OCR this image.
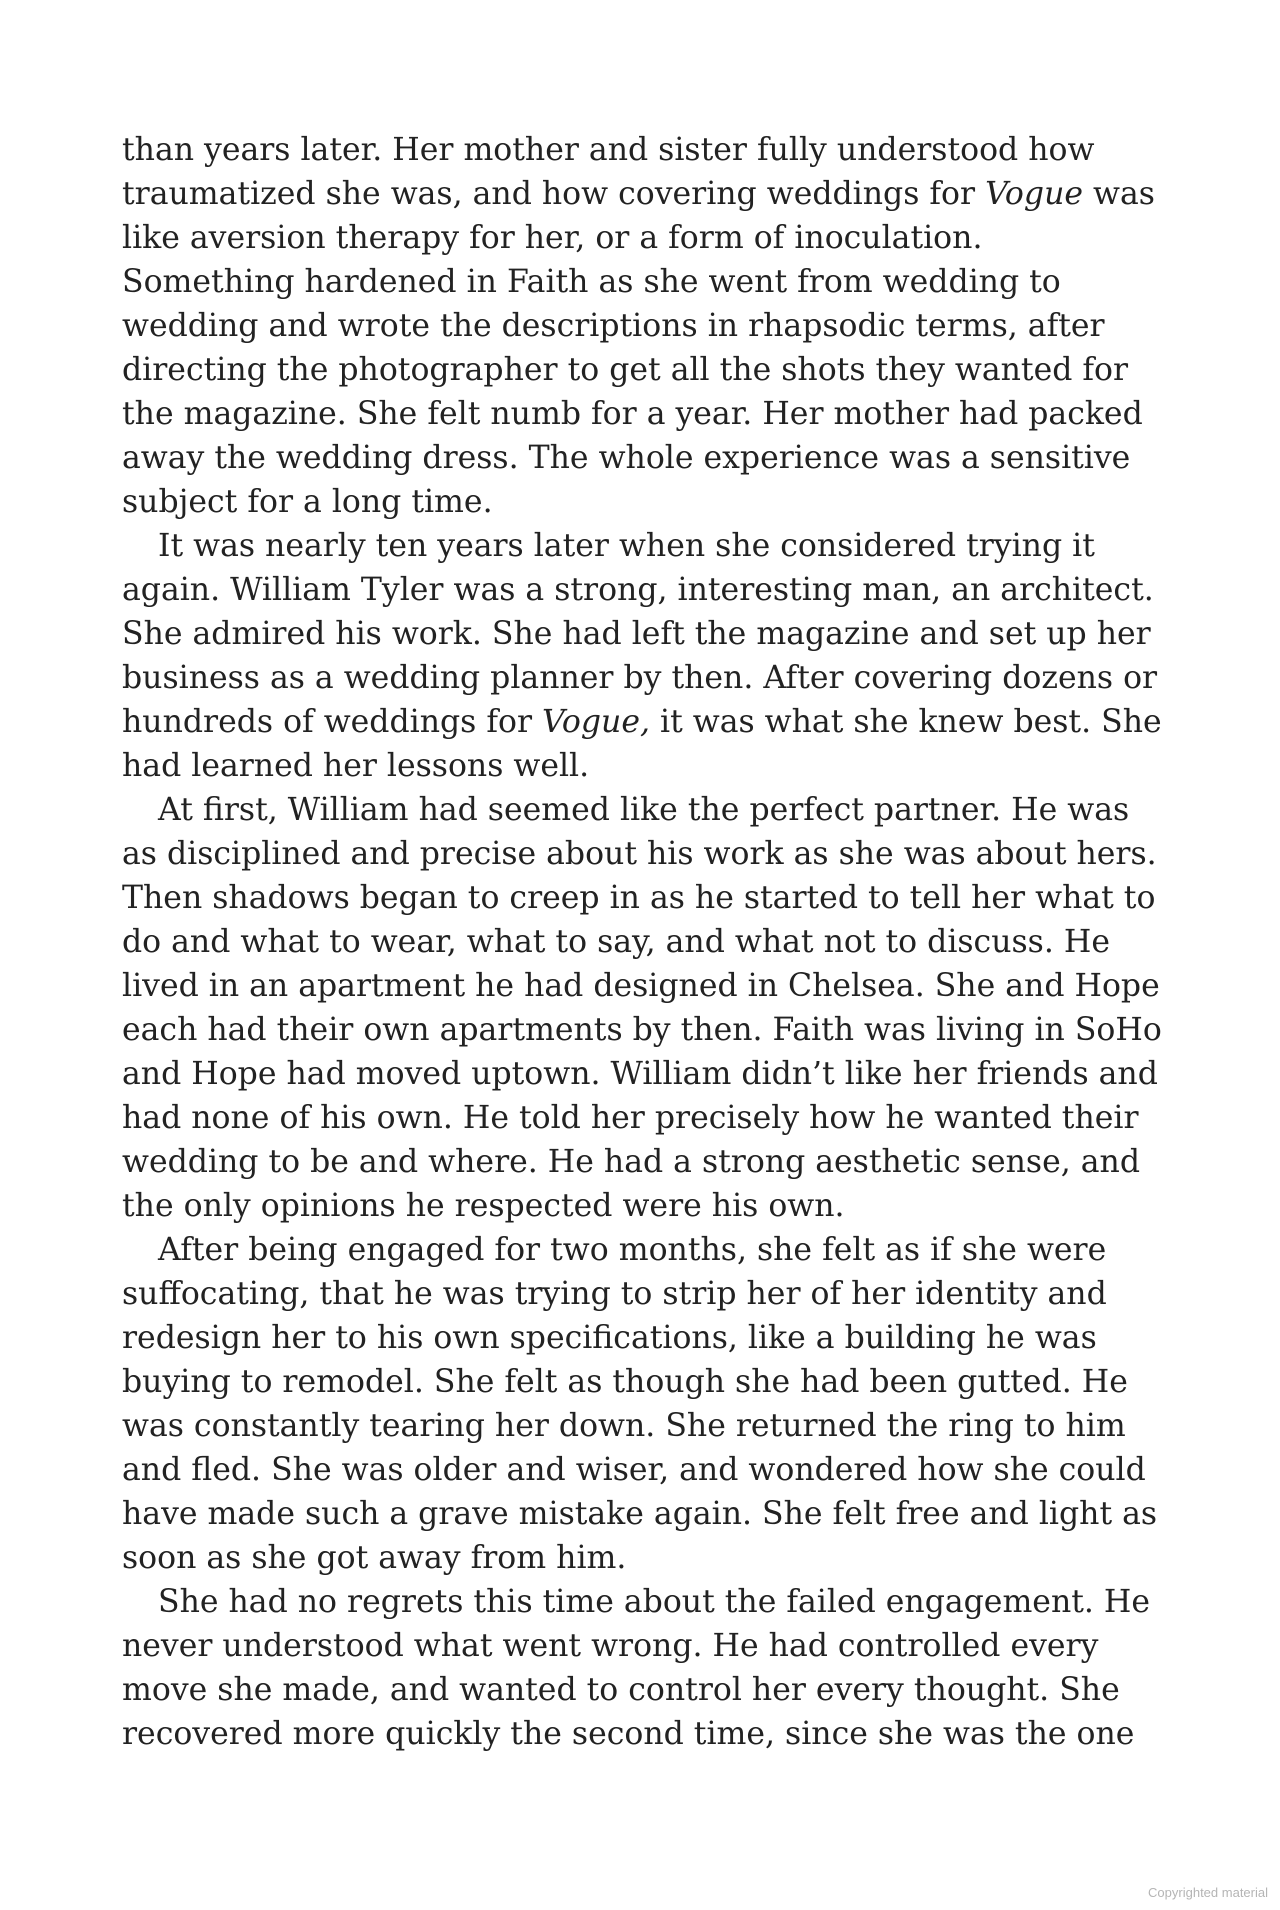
than years later. Her mother and sister fully understood how traumatized she was, and how covering weddings for Vogue was like aversion therapy for her, or a form of inoculation. Something hardened in Faith as she went from wedding to wedding and wrote the descriptions in rhapsodic terms, after directing the photographer to get all the shots they wanted for the magazine. She felt numb for a year. Her mother had packed away the wedding dress. The whole experience was a sensitive subject for a long time.

It was nearly ten years later when she considered trying it again. William Tyler was a strong, interesting man, an architect. She admired his work. She had left the magazine and set up her business as a wedding planner by then. After covering dozens or hundreds of weddings for Vogue, it was what she knew best. She had learned her lessons well.

At first, William had seemed like the perfect partner. He was as disciplined and precise about his work as she was about hers. Then shadows began to creep in as he started to tell her what to do and what to wear, what to say, and what not to discuss. He lived in an apartment he had designed in Chelsea. She and Hope each had their own apartments by then. Faith was living in SoHo and Hope had moved uptown. William didn’t like her friends and had none of his own. He told her precisely how he wanted their wedding to be and where. He had a strong aesthetic sense, and the only opinions he respected were his own.

After being engaged for two months, she felt as if she were suffocating, that he was trying to strip her of her identity and redesign her to his own specifications, like a building he was buying to remodel. She felt as though she had been gutted. He was constantly tearing her down. She returned the ring to him and fled. She was older and wiser, and wondered how she could have made such a grave mistake again. She felt free and light as soon as she got away from him.

She had no regrets this time about the failed engagement. He never understood what went wrong. He had controlled every move she made, and wanted to control her every thought. She recovered more quickly the second time, since she was the one

Copyrighted material
